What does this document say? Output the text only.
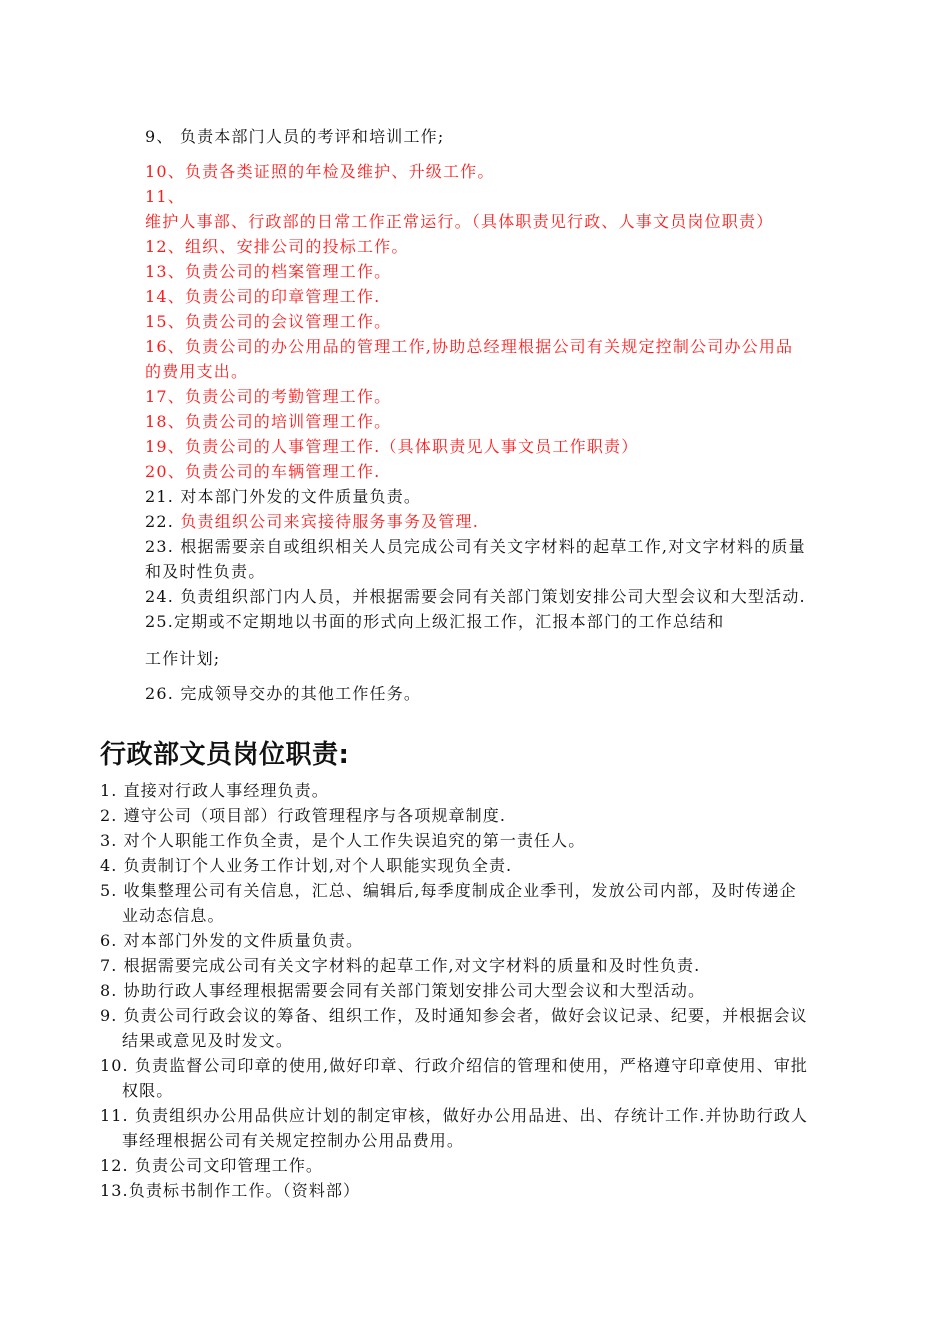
9、 负责本部门人员的考评和培训工作;
10、负责各类证照的年检及维护、升级工作。
11、维护人事部、行政部的日常工作正常运行。（具体职责见行政、人事文员岗位职责）
12、组织、安排公司的投标工作。
13、负责公司的档案管理工作。
14、负责公司的印章管理工作.
15、负责公司的会议管理工作。
16、负责公司的办公用品的管理工作,协助总经理根据公司有关规定控制公司办公用品的费用支出。
17、负责公司的考勤管理工作。
18、负责公司的培训管理工作。
19、负责公司的人事管理工作.（具体职责见人事文员工作职责）
20、负责公司的车辆管理工作.
21. 对本部门外发的文件质量负责。
22. 负责组织公司来宾接待服务事务及管理.
23. 根据需要亲自或组织相关人员完成公司有关文字材料的起草工作,对文字材料的质量和及时性负责。
24. 负责组织部门内人员，并根据需要会同有关部门策划安排公司大型会议和大型活动.
25.定期或不定期地以书面的形式向上级汇报工作，汇报本部门的工作总结和
工作计划;
26. 完成领导交办的其他工作任务。
行政部文员岗位职责:
1. 直接对行政人事经理负责。
2. 遵守公司（项目部）行政管理程序与各项规章制度.
3. 对个人职能工作负全责，是个人工作失误追究的第一责任人。
4. 负责制订个人业务工作计划,对个人职能实现负全责.
5. 收集整理公司有关信息，汇总、编辑后,每季度制成企业季刊，发放公司内部，及时传递企业动态信息。
6. 对本部门外发的文件质量负责。
7. 根据需要完成公司有关文字材料的起草工作,对文字材料的质量和及时性负责.
8. 协助行政人事经理根据需要会同有关部门策划安排公司大型会议和大型活动。
9. 负责公司行政会议的筹备、组织工作，及时通知参会者，做好会议记录、纪要，并根据会议结果或意见及时发文。
10. 负责监督公司印章的使用,做好印章、行政介绍信的管理和使用，严格遵守印章使用、审批权限。
11. 负责组织办公用品供应计划的制定审核，做好办公用品进、出、存统计工作.并协助行政人事经理根据公司有关规定控制办公用品费用。
12. 负责公司文印管理工作。
13.负责标书制作工作。（资料部）
